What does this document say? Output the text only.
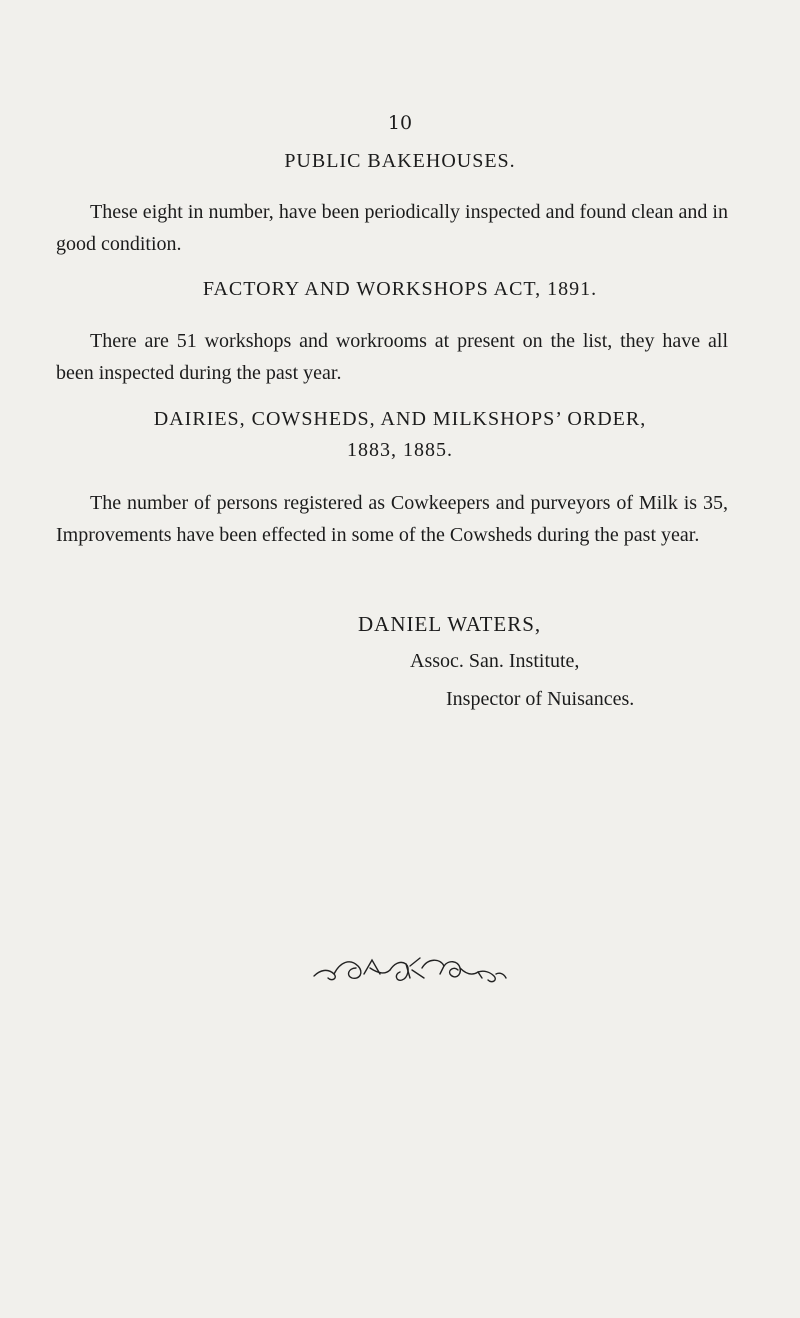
10
PUBLIC BAKEHOUSES.
These eight in number, have been periodically inspected and found clean and in good condition.
FACTORY AND WORKSHOPS ACT, 1891.
There are 51 workshops and workrooms at present on the list, they have all been inspected during the past year.
DAIRIES, COWSHEDS, AND MILKSHOPS’ ORDER,
1883, 1885.
The number of persons registered as Cowkeepers and purveyors of Milk is 35, Improvements have been effected in some of the Cowsheds during the past year.
DANIEL WATERS,
Assoc. San. Institute,
Inspector of Nuisances.
